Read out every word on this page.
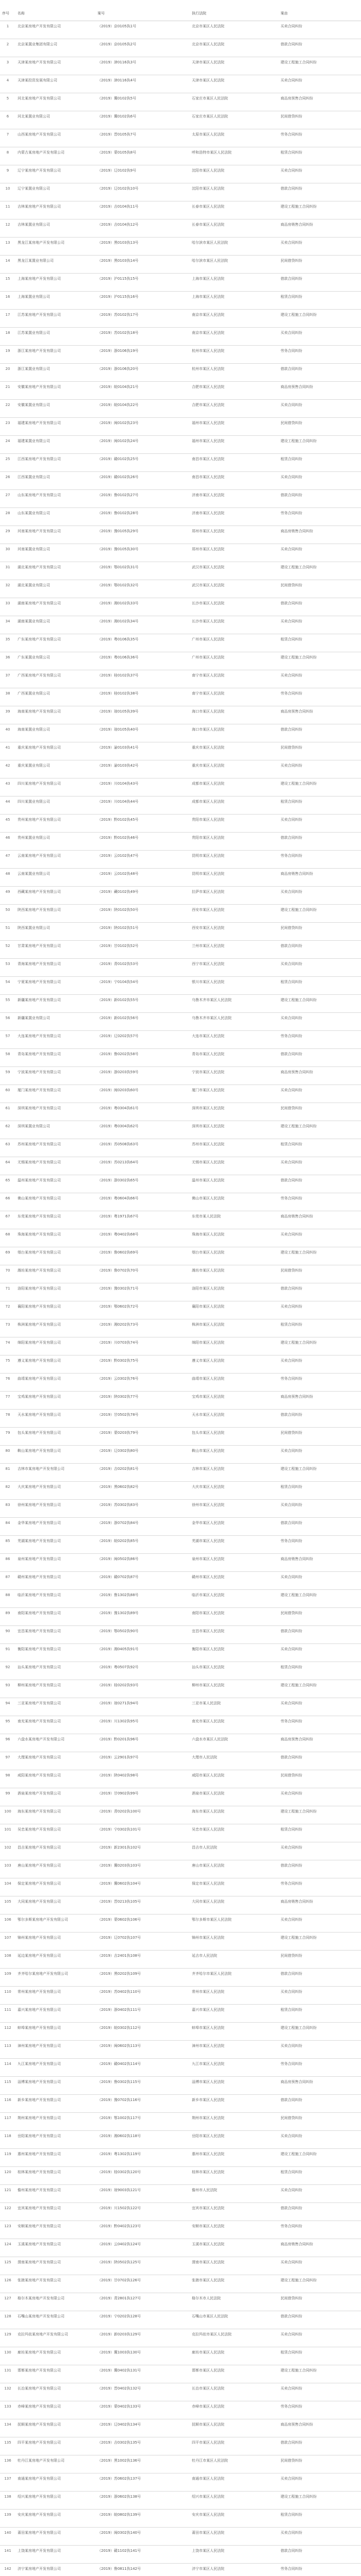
序号	名称	案号	执行法院	案由
1	北京某房地产开发有限公司	（2019）京0105执1号	北京市某区人民法院	买卖合同纠纷
2	北京某置业集团有限公司	（2019）京0105执2号	北京市某区人民法院	借款合同纠纷
3	天津某房地产开发有限公司	（2019）津0116执3号	天津市某区人民法院	建设工程施工合同纠纷
4	天津某投资发展有限公司	（2019）津0116执4号	天津市某区人民法院	买卖合同纠纷
5	河北某房地产开发有限公司	（2019）冀0102执5号	石家庄市某区人民法院	商品房预售合同纠纷
6	河北某置业有限公司	（2019）冀0102执6号	石家庄市某区人民法院	民间借贷纠纷
7	山西某房地产开发有限公司	（2019）晋0105执7号	太原市某区人民法院	劳务合同纠纷
8	内蒙古某房地产开发有限公司	（2019）蒙0105执8号	呼和浩特市某区人民法院	租赁合同纠纷
9	辽宁某房地产开发有限公司	（2019）辽0102执9号	沈阳市某区人民法院	买卖合同纠纷
10	辽宁某置业有限公司	（2019）辽0102执10号	沈阳市某区人民法院	借款合同纠纷
11	吉林某房地产开发有限公司	（2019）吉0104执11号	长春市某区人民法院	建设工程施工合同纠纷
12	吉林某置业有限公司	（2019）吉0104执12号	长春市某区人民法院	商品房销售合同纠纷
13	黑龙江某房地产开发有限公司	（2019）黑0103执13号	哈尔滨市某区人民法院	买卖合同纠纷
14	黑龙江某置业有限公司	（2019）黑0103执14号	哈尔滨市某区人民法院	民间借贷纠纷
15	上海某房地产开发有限公司	（2019）沪0115执15号	上海市某区人民法院	借款合同纠纷
16	上海某置业有限公司	（2019）沪0115执16号	上海市某区人民法院	租赁合同纠纷
17	江苏某房地产开发有限公司	（2019）苏0102执17号	南京市某区人民法院	建设工程施工合同纠纷
18	江苏某置业有限公司	（2019）苏0102执18号	南京市某区人民法院	买卖合同纠纷
19	浙江某房地产开发有限公司	（2019）浙0106执19号	杭州市某区人民法院	劳务合同纠纷
20	浙江某置业有限公司	（2019）浙0106执20号	杭州市某区人民法院	借款合同纠纷
21	安徽某房地产开发有限公司	（2019）皖0104执21号	合肥市某区人民法院	商品房预售合同纠纷
22	安徽某置业有限公司	（2019）皖0104执22号	合肥市某区人民法院	买卖合同纠纷
23	福建某房地产开发有限公司	（2019）闽0102执23号	福州市某区人民法院	民间借贷纠纷
24	福建某置业有限公司	（2019）闽0102执24号	福州市某区人民法院	建设工程施工合同纠纷
25	江西某房地产开发有限公司	（2019）赣0102执25号	南昌市某区人民法院	租赁合同纠纷
26	江西某置业有限公司	（2019）赣0102执26号	南昌市某区人民法院	买卖合同纠纷
27	山东某房地产开发有限公司	（2019）鲁0102执27号	济南市某区人民法院	借款合同纠纷
28	山东某置业有限公司	（2019）鲁0102执28号	济南市某区人民法院	劳务合同纠纷
29	河南某房地产开发有限公司	（2019）豫0105执29号	郑州市某区人民法院	商品房销售合同纠纷
30	河南某置业有限公司	（2019）豫0105执30号	郑州市某区人民法院	买卖合同纠纷
31	湖北某房地产开发有限公司	（2019）鄂0102执31号	武汉市某区人民法院	建设工程施工合同纠纷
32	湖北某置业有限公司	（2019）鄂0102执32号	武汉市某区人民法院	民间借贷纠纷
33	湖南某房地产开发有限公司	（2019）湘0102执33号	长沙市某区人民法院	借款合同纠纷
34	湖南某置业有限公司	（2019）湘0102执34号	长沙市某区人民法院	买卖合同纠纷
35	广东某房地产开发有限公司	（2019）粤0106执35号	广州市某区人民法院	租赁合同纠纷
36	广东某置业有限公司	（2019）粤0106执36号	广州市某区人民法院	建设工程施工合同纠纷
37	广西某房地产开发有限公司	（2019）桂0102执37号	南宁市某区人民法院	买卖合同纠纷
38	广西某置业有限公司	（2019）桂0102执38号	南宁市某区人民法院	劳务合同纠纷
39	海南某房地产开发有限公司	（2019）琼0105执39号	海口市某区人民法院	商品房预售合同纠纷
40	海南某置业有限公司	（2019）琼0105执40号	海口市某区人民法院	借款合同纠纷
41	重庆某房地产开发有限公司	（2019）渝0103执41号	重庆市某区人民法院	民间借贷纠纷
42	重庆某置业有限公司	（2019）渝0103执42号	重庆市某区人民法院	买卖合同纠纷
43	四川某房地产开发有限公司	（2019）川0104执43号	成都市某区人民法院	建设工程施工合同纠纷
44	四川某置业有限公司	（2019）川0104执44号	成都市某区人民法院	租赁合同纠纷
45	贵州某房地产开发有限公司	（2019）黔0102执45号	贵阳市某区人民法院	买卖合同纠纷
46	贵州某置业有限公司	（2019）黔0102执46号	贵阳市某区人民法院	借款合同纠纷
47	云南某房地产开发有限公司	（2019）云0102执47号	昆明市某区人民法院	劳务合同纠纷
48	云南某置业有限公司	（2019）云0102执48号	昆明市某区人民法院	商品房销售合同纠纷
49	西藏某房地产开发有限公司	（2019）藏0102执49号	拉萨市某区人民法院	买卖合同纠纷
50	陕西某房地产开发有限公司	（2019）陕0102执50号	西安市某区人民法院	建设工程施工合同纠纷
51	陕西某置业有限公司	（2019）陕0102执51号	西安市某区人民法院	民间借贷纠纷
52	甘肃某房地产开发有限公司	（2019）甘0102执52号	兰州市某区人民法院	借款合同纠纷
53	青海某房地产开发有限公司	（2019）青0102执53号	西宁市某区人民法院	买卖合同纠纷
54	宁夏某房地产开发有限公司	（2019）宁0104执54号	银川市某区人民法院	租赁合同纠纷
55	新疆某房地产开发有限公司	（2019）新0102执55号	乌鲁木齐市某区人民法院	建设工程施工合同纠纷
56	新疆某置业有限公司	（2019）新0102执56号	乌鲁木齐市某区人民法院	买卖合同纠纷
57	大连某房地产开发有限公司	（2019）辽0202执57号	大连市某区人民法院	劳务合同纠纷
58	青岛某房地产开发有限公司	（2019）鲁0202执58号	青岛市某区人民法院	借款合同纠纷
59	宁波某房地产开发有限公司	（2019）浙0203执59号	宁波市某区人民法院	商品房预售合同纠纷
60	厦门某房地产开发有限公司	（2019）闽0203执60号	厦门市某区人民法院	买卖合同纠纷
61	深圳某房地产开发有限公司	（2019）粤0304执61号	深圳市某区人民法院	民间借贷纠纷
62	深圳某置业有限公司	（2019）粤0304执62号	深圳市某区人民法院	建设工程施工合同纠纷
63	苏州某房地产开发有限公司	（2019）苏0508执63号	苏州市某区人民法院	租赁合同纠纷
64	无锡某房地产开发有限公司	（2019）苏0213执64号	无锡市某区人民法院	买卖合同纠纷
65	温州某房地产开发有限公司	（2019）浙0302执65号	温州市某区人民法院	借款合同纠纷
66	佛山某房地产开发有限公司	（2019）粤0604执66号	佛山市某区人民法院	劳务合同纠纷
67	东莞某房地产开发有限公司	（2019）粤1971执67号	东莞市某人民法院	商品房销售合同纠纷
68	珠海某房地产开发有限公司	（2019）粤0402执68号	珠海市某区人民法院	买卖合同纠纷
69	烟台某房地产开发有限公司	（2019）鲁0602执69号	烟台市某区人民法院	建设工程施工合同纠纷
70	潍坊某房地产开发有限公司	（2019）鲁0702执70号	潍坊市某区人民法院	民间借贷纠纷
71	洛阳某房地产开发有限公司	（2019）豫0302执71号	洛阳市某区人民法院	借款合同纠纷
72	襄阳某房地产开发有限公司	（2019）鄂0602执72号	襄阳市某区人民法院	买卖合同纠纷
73	株洲某房地产开发有限公司	（2019）湘0202执73号	株洲市某区人民法院	租赁合同纠纷
74	绵阳某房地产开发有限公司	（2019）川0703执74号	绵阳市某区人民法院	建设工程施工合同纠纷
75	遵义某房地产开发有限公司	（2019）黔0302执75号	遵义市某区人民法院	买卖合同纠纷
76	曲靖某房地产开发有限公司	（2019）云0302执76号	曲靖市某区人民法院	劳务合同纠纷
77	宝鸡某房地产开发有限公司	（2019）陕0302执77号	宝鸡市某区人民法院	商品房预售合同纠纷
78	天水某房地产开发有限公司	（2019）甘0502执78号	天水市某区人民法院	借款合同纠纷
79	包头某房地产开发有限公司	（2019）蒙0203执79号	包头市某区人民法院	民间借贷纠纷
80	鞍山某房地产开发有限公司	（2019）辽0302执80号	鞍山市某区人民法院	买卖合同纠纷
81	吉林市某房地产开发有限公司	（2019）吉0202执81号	吉林市某区人民法院	建设工程施工合同纠纷
82	大庆某房地产开发有限公司	（2019）黑0602执82号	大庆市某区人民法院	租赁合同纠纷
83	徐州某房地产开发有限公司	（2019）苏0302执83号	徐州市某区人民法院	买卖合同纠纷
84	金华某房地产开发有限公司	（2019）浙0702执84号	金华市某区人民法院	借款合同纠纷
85	芜湖某房地产开发有限公司	（2019）皖0202执85号	芜湖市某区人民法院	劳务合同纠纷
86	泉州某房地产开发有限公司	（2019）闽0502执86号	泉州市某区人民法院	商品房销售合同纠纷
87	赣州某房地产开发有限公司	（2019）赣0702执87号	赣州市某区人民法院	买卖合同纠纷
88	临沂某房地产开发有限公司	（2019）鲁1302执88号	临沂市某区人民法院	建设工程施工合同纠纷
89	南阳某房地产开发有限公司	（2019）豫1302执89号	南阳市某区人民法院	民间借贷纠纷
90	宜昌某房地产开发有限公司	（2019）鄂0502执90号	宜昌市某区人民法院	借款合同纠纷
91	衡阳某房地产开发有限公司	（2019）湘0405执91号	衡阳市某区人民法院	买卖合同纠纷
92	汕头某房地产开发有限公司	（2019）粤0507执92号	汕头市某区人民法院	租赁合同纠纷
93	柳州某房地产开发有限公司	（2019）桂0202执93号	柳州市某区人民法院	建设工程施工合同纠纷
94	三亚某房地产开发有限公司	（2019）琼0271执94号	三亚市某人民法院	买卖合同纠纷
95	南充某房地产开发有限公司	（2019）川1302执95号	南充市某区人民法院	劳务合同纠纷
96	六盘水某房地产开发有限公司	（2019）黔0201执96号	六盘水市某区人民法院	商品房预售合同纠纷
97	大理某房地产开发有限公司	（2019）云2901执97号	大理市人民法院	借款合同纠纷
98	咸阳某房地产开发有限公司	（2019）陕0402执98号	咸阳市某区人民法院	民间借贷纠纷
99	酒泉某房地产开发有限公司	（2019）甘0902执99号	酒泉市某区人民法院	买卖合同纠纷
100	海东某房地产开发有限公司	（2019）青0202执100号	海东市某区人民法院	建设工程施工合同纠纷
101	吴忠某房地产开发有限公司	（2019）宁0302执101号	吴忠市某区人民法院	租赁合同纠纷
102	昌吉某房地产开发有限公司	（2019）新2301执102号	昌吉市人民法院	买卖合同纠纷
103	唐山某房地产开发有限公司	（2019）冀0203执103号	唐山市某区人民法院	借款合同纠纷
104	保定某房地产开发有限公司	（2019）冀0602执104号	保定市某区人民法院	劳务合同纠纷
105	大同某房地产开发有限公司	（2019）晋0213执105号	大同市某区人民法院	商品房销售合同纠纷
106	鄂尔多斯某房地产开发有限公司	（2019）蒙0602执106号	鄂尔多斯市某区人民法院	买卖合同纠纷
107	锦州某房地产开发有限公司	（2019）辽0702执107号	锦州市某区人民法院	建设工程施工合同纠纷
108	延边某房地产开发有限公司	（2019）吉2401执108号	延吉市人民法院	民间借贷纠纷
109	齐齐哈尔某房地产开发有限公司	（2019）黑0202执109号	齐齐哈尔市某区人民法院	借款合同纠纷
110	常州某房地产开发有限公司	（2019）苏0402执110号	常州市某区人民法院	买卖合同纠纷
111	嘉兴某房地产开发有限公司	（2019）浙0402执111号	嘉兴市某区人民法院	租赁合同纠纷
112	蚌埠某房地产开发有限公司	（2019）皖0302执112号	蚌埠市某区人民法院	建设工程施工合同纠纷
113	漳州某房地产开发有限公司	（2019）闽0602执113号	漳州市某区人民法院	买卖合同纠纷
114	九江某房地产开发有限公司	（2019）赣0402执114号	九江市某区人民法院	劳务合同纠纷
115	淄博某房地产开发有限公司	（2019）鲁0302执115号	淄博市某区人民法院	商品房预售合同纠纷
116	新乡某房地产开发有限公司	（2019）豫0702执116号	新乡市某区人民法院	借款合同纠纷
117	荆州某房地产开发有限公司	（2019）鄂1002执117号	荆州市某区人民法院	民间借贷纠纷
118	岳阳某房地产开发有限公司	（2019）湘0602执118号	岳阳市某区人民法院	买卖合同纠纷
119	惠州某房地产开发有限公司	（2019）粤1302执119号	惠州市某区人民法院	建设工程施工合同纠纷
120	桂林某房地产开发有限公司	（2019）桂0302执120号	桂林市某区人民法院	租赁合同纠纷
121	儋州某房地产开发有限公司	（2019）琼9003执121号	儋州市人民法院	买卖合同纠纷
122	宜宾某房地产开发有限公司	（2019）川1502执122号	宜宾市某区人民法院	借款合同纠纷
123	安顺某房地产开发有限公司	（2019）黔0402执123号	安顺市某区人民法院	劳务合同纠纷
124	玉溪某房地产开发有限公司	（2019）云0402执124号	玉溪市某区人民法院	商品房销售合同纠纷
125	渭南某房地产开发有限公司	（2019）陕0502执125号	渭南市某区人民法院	买卖合同纠纷
126	张掖某房地产开发有限公司	（2019）甘0702执126号	张掖市某区人民法院	建设工程施工合同纠纷
127	格尔木某房地产开发有限公司	（2019）青2801执127号	格尔木市人民法院	民间借贷纠纷
128	石嘴山某房地产开发有限公司	（2019）宁0202执128号	石嘴山市某区人民法院	借款合同纠纷
129	克拉玛依某房地产开发有限公司	（2019）新0203执129号	克拉玛依市某区人民法院	买卖合同纠纷
130	廊坊某房地产开发有限公司	（2019）冀1003执130号	廊坊市某区人民法院	租赁合同纠纷
131	邯郸某房地产开发有限公司	（2019）冀0402执131号	邯郸市某区人民法院	建设工程施工合同纠纷
132	长治某房地产开发有限公司	（2019）晋0402执132号	长治市某区人民法院	买卖合同纠纷
133	赤峰某房地产开发有限公司	（2019）蒙0402执133号	赤峰市某区人民法院	劳务合同纠纷
134	抚顺某房地产开发有限公司	（2019）辽0402执134号	抚顺市某区人民法院	商品房预售合同纠纷
135	四平某房地产开发有限公司	（2019）吉0302执135号	四平市某区人民法院	借款合同纠纷
136	牡丹江某房地产开发有限公司	（2019）黑1002执136号	牡丹江市某区人民法院	民间借贷纠纷
137	南通某房地产开发有限公司	（2019）苏0602执137号	南通市某区人民法院	买卖合同纠纷
138	绍兴某房地产开发有限公司	（2019）浙0602执138号	绍兴市某区人民法院	建设工程施工合同纠纷
139	安庆某房地产开发有限公司	（2019）皖0802执139号	安庆市某区人民法院	租赁合同纠纷
140	莆田某房地产开发有限公司	（2019）闽0302执140号	莆田市某区人民法院	买卖合同纠纷
141	上饶某房地产开发有限公司	（2019）赣1102执141号	上饶市某区人民法院	借款合同纠纷
142	济宁某房地产开发有限公司	（2019）鲁0811执142号	济宁市某区人民法院	劳务合同纠纷
